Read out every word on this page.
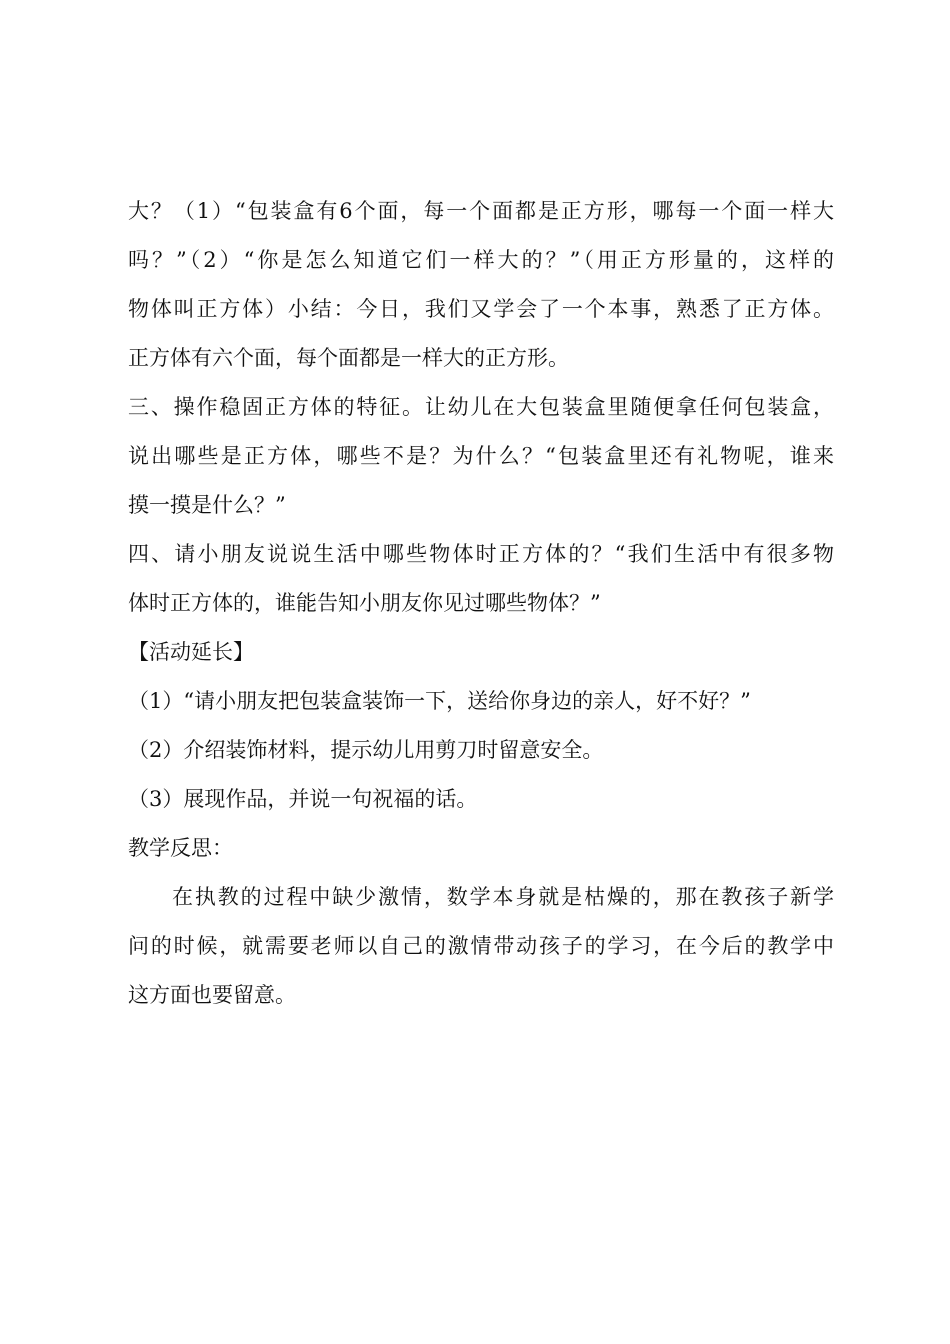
大？（1）“包装盒有6个面，每一个面都是正方形，哪每一个面一样大
吗？”（2）“你是怎么知道它们一样大的？”（用正方形量的，这样的
物体叫正方体）小结：今日，我们又学会了一个本事，熟悉了正方体。
正方体有六个面，每个面都是一样大的正方形。
三、操作稳固正方体的特征。让幼儿在大包装盒里随便拿任何包装盒，
说出哪些是正方体，哪些不是？为什么？“包装盒里还有礼物呢，谁来
摸一摸是什么？”
四、请小朋友说说生活中哪些物体时正方体的？“我们生活中有很多物
体时正方体的，谁能告知小朋友你见过哪些物体？”
【活动延长】
（1）“请小朋友把包装盒装饰一下，送给你身边的亲人，好不好？”
（2）介绍装饰材料，提示幼儿用剪刀时留意安全。
（3）展现作品，并说一句祝福的话。
教学反思：
在执教的过程中缺少激情，数学本身就是枯燥的，那在教孩子新学
问的时候，就需要老师以自己的激情带动孩子的学习，在今后的教学中
这方面也要留意。
